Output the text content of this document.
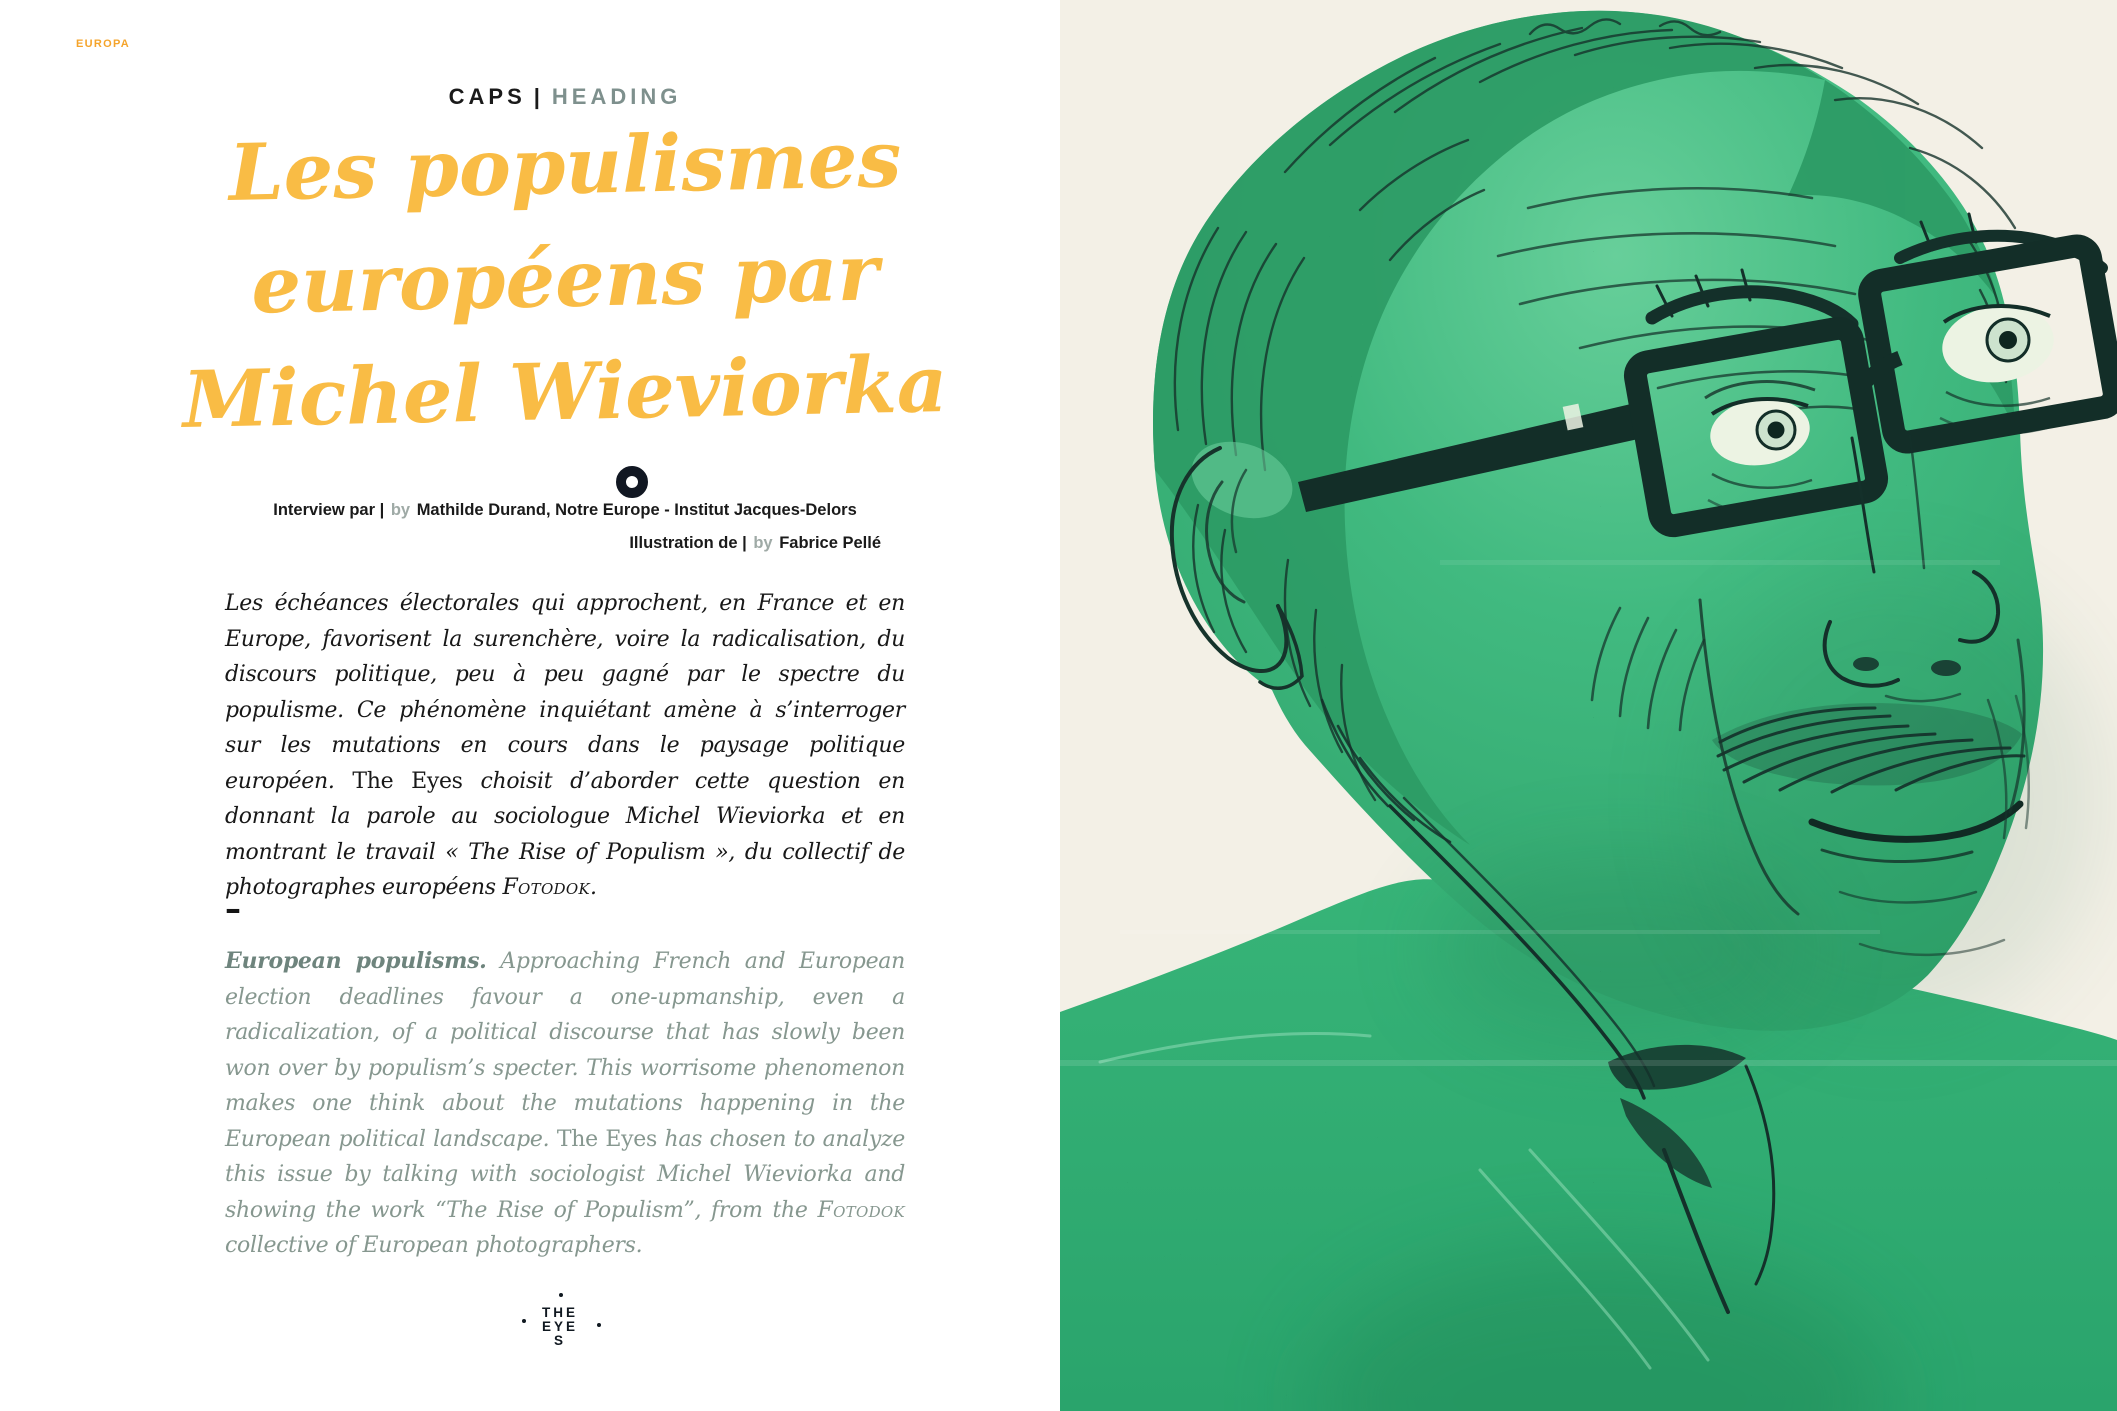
EUROPA
CAPS | HEADING
Les populismes
européens par
Michel Wieviorka
Interview par | by Mathilde Durand, Notre Europe - Institut Jacques-Delors
Illustration de | by Fabrice Pellé

Les échéances électorales qui approchent, en France et en Europe, favorisent la surenchère, voire la radicalisation, du discours politique, peu à peu gagné par le spectre du populisme. Ce phénomène inquiétant amène à s’interroger sur les mutations en cours dans le paysage politique européen. The Eyes choisit d’aborder cette question en donnant la parole au sociologue Michel Wieviorka et en montrant le travail « The Rise of Populism », du collectif de photographes européens Fotodok.

–

European populisms. Approaching French and European election deadlines favour a one-upmanship, even a radicalization, of a political discourse that has slowly been won over by populism’s specter. This worrisome phenomenon makes one think about the mutations happening in the European political landscape. The Eyes has chosen to analyze this issue by talking with sociologist Michel Wieviorka and showing the work “The Rise of Populism”, from the Fotodok collective of European photographers.

THE
EYE
S
